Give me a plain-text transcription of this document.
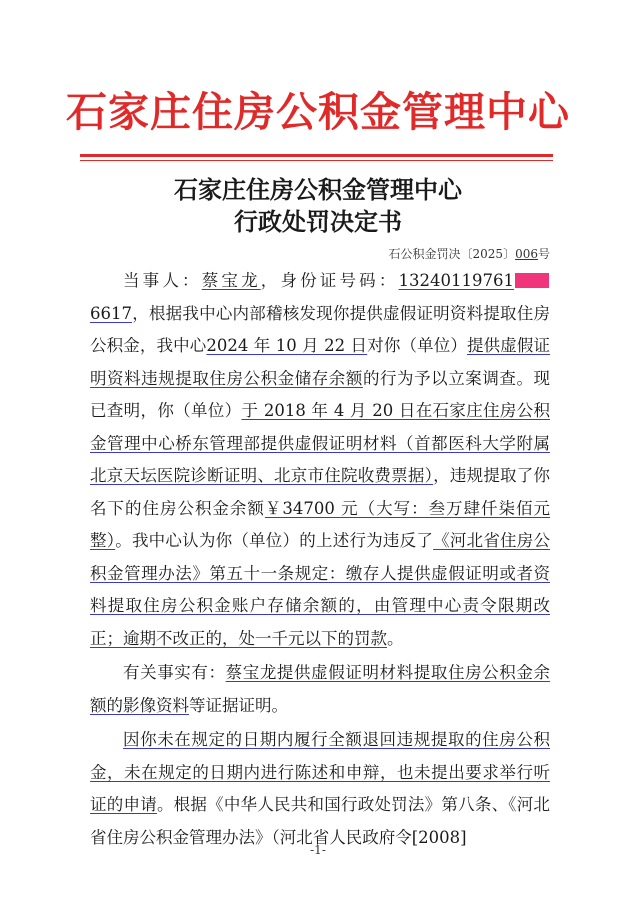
石家庄住房公积金管理中心
石家庄住房公积金管理中心
行政处罚决定书
石公积金罚决〔2025〕006号

当事人：蔡宝龙，身份证号码：132401197616617，根据我中心内部稽核发现你提供虚假证明资料提取住房公积金，我中心2024 年 10 月 22 日对你（单位）提供虚假证明资料违规提取住房公积金储存余额的行为予以立案调查。现已查明，你（单位）于 2018 年 4 月 20 日在石家庄住房公积金管理中心桥东管理部提供虚假证明材料（首都医科大学附属北京天坛医院诊断证明、北京市住院收费票据），违规提取了你名下的住房公积金余额￥34700 元（大写：叁万肆仟柒佰元整）。我中心认为你（单位）的上述行为违反了《河北省住房公积金管理办法》第五十一条规定：缴存人提供虚假证明或者资料提取住房公积金账户存储余额的，由管理中心责令限期改正；逾期不改正的，处一千元以下的罚款。

有关事实有：蔡宝龙提供虚假证明材料提取住房公积金余额的影像资料等证据证明。

因你未在规定的日期内履行全额退回违规提取的住房公积金，未在规定的日期内进行陈述和申辩，也未提出要求举行听证的申请。根据《中华人民共和国行政处罚法》第八条、《河北省住房公积金管理办法》（河北省人民政府令[2008]

-1-
